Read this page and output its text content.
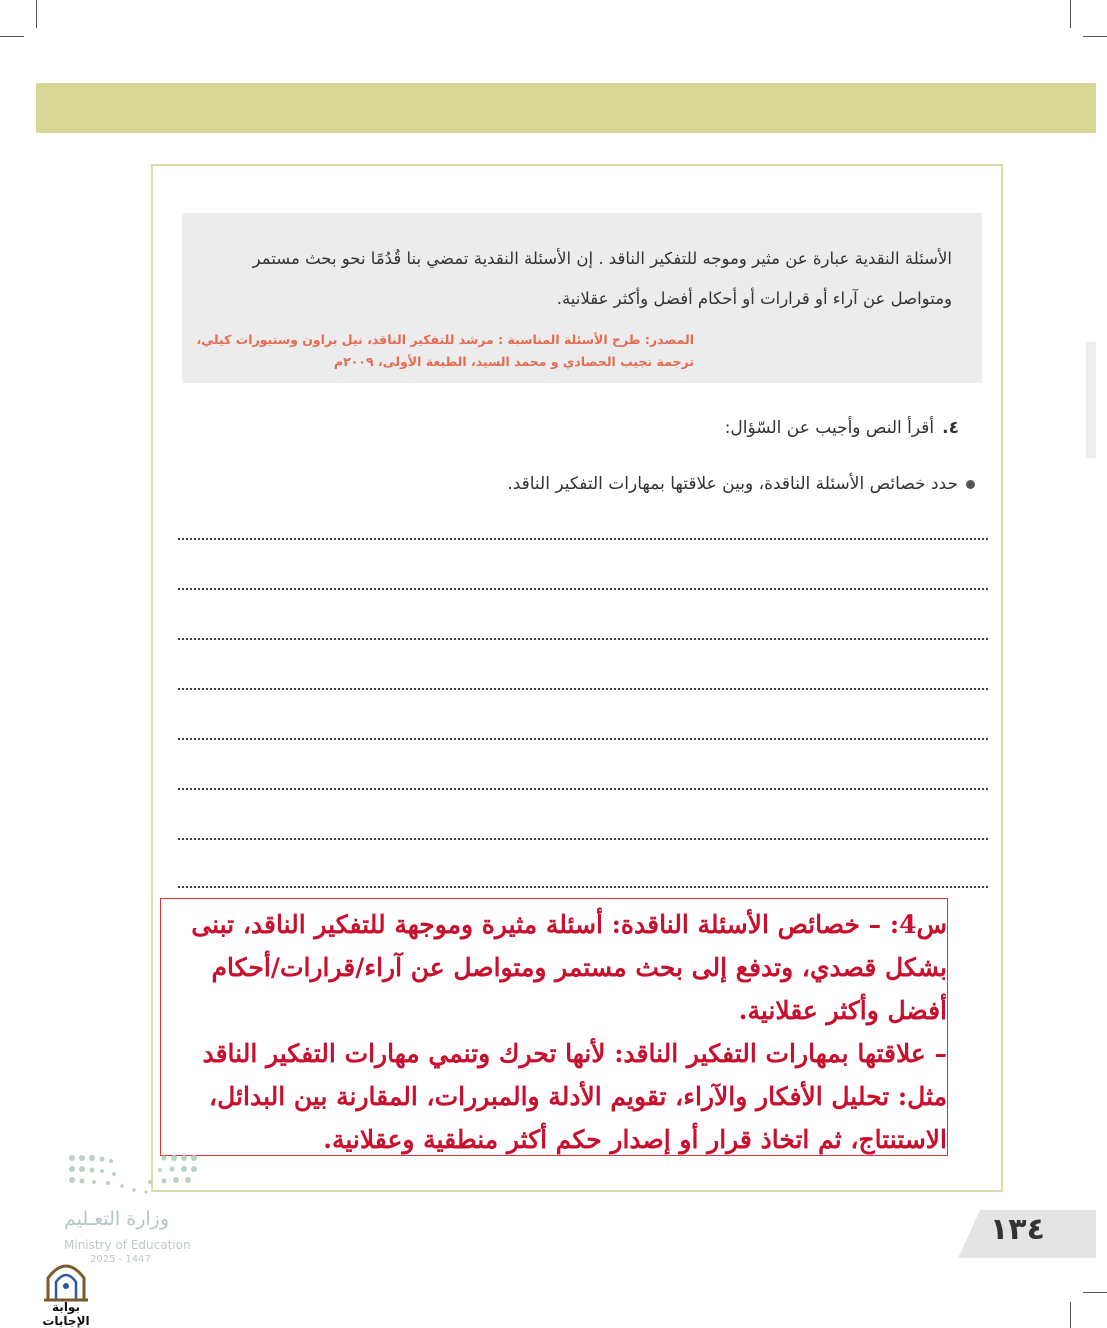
الأسئلة النقدية عبارة عن مثير وموجه للتفكير الناقد . إن الأسئلة النقدية تمضي بنا قُدُمًا نحو بحث مستمر
ومتواصل عن آراء أو قرارات أو أحكام أفضل وأكثر عقلانية.
المصدر: طرح الأسئلة المناسبة : مرشد للتفكير الناقد، نيل براون وستيورات كيلي،
ترجمة نجيب الحصادي و محمد السيد، الطبعة الأولى، ٢٠٠٩م
٤.أقرأ النص وأجيب عن السّؤال:
حدد خصائص الأسئلة الناقدة، وبين علاقتها بمهارات التفكير الناقد.
س4: – خصائص الأسئلة الناقدة: أسئلة مثيرة وموجهة للتفكير الناقد، تبنى
بشكل قصدي، وتدفع إلى بحث مستمر ومتواصل عن آراء/قرارات/أحكام
أفضل وأكثر عقلانية.
– علاقتها بمهارات التفكير الناقد: لأنها تحرك وتنمي مهارات التفكير الناقد
مثل: تحليل الأفكار والآراء، تقويم الأدلة والمبررات، المقارنة بين البدائل،
الاستنتاج، ثم اتخاذ قرار أو إصدار حكم أكثر منطقية وعقلانية.
وزارة التعـليم
Ministry of Education
2025 - 1447
١٣٤
بوابة الإجابات
